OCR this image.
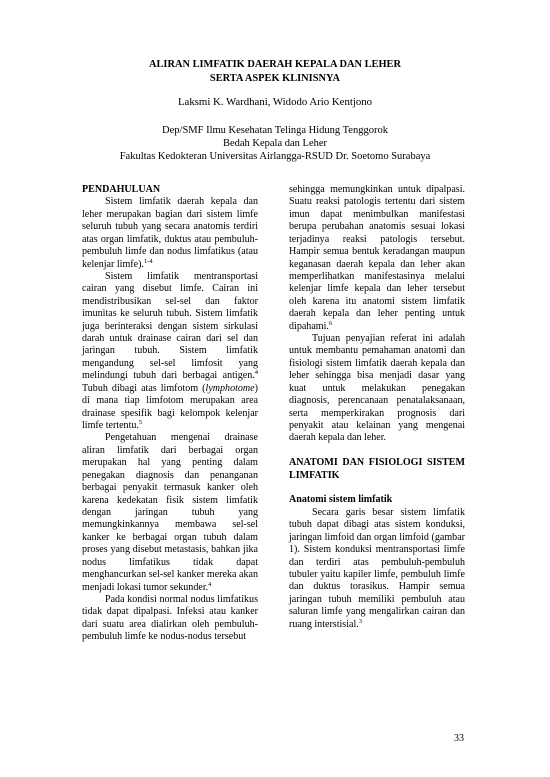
ALIRAN LIMFATIK DAERAH KEPALA DAN LEHER
SERTA ASPEK KLINISNYA
Laksmi K. Wardhani, Widodo Ario Kentjono
Dep/SMF Ilmu Kesehatan Telinga Hidung Tenggorok
Bedah Kepala dan Leher
Fakultas Kedokteran Universitas Airlangga-RSUD Dr. Soetomo Surabaya
PENDAHULUAN

Sistem limfatik daerah kepala dan leher merupakan bagian dari sistem limfe seluruh tubuh yang secara anatomis terdiri atas organ limfatik, duktus atau pembuluh-pembuluh limfe dan nodus limfatikus (atau kelenjar limfe).$^{1-4}$

Sistem limfatik mentransportasi cairan yang disebut limfe. Cairan ini mendistribusikan sel-sel dan faktor imunitas ke seluruh tubuh. Sistem limfatik juga berinteraksi dengan sistem sirkulasi darah untuk drainase cairan dari sel dan jaringan tubuh. Sistem limfatik mengandung sel-sel limfosit yang melindungi tubuh dari berbagai antigen.$^4$ Tubuh dibagi atas limfotom (lymphotome) di mana tiap limfotom merupakan area drainase spesifik bagi kelompok kelenjar limfe tertentu.$^5$

Pengetahuan mengenai drainase aliran limfatik dari berbagai organ merupakan hal yang penting dalam penegakan diagnosis dan penanganan berbagai penyakit termasuk kanker oleh karena kedekatan fisik sistem limfatik dengan jaringan tubuh yang memungkinkannya membawa sel-sel kanker ke berbagai organ tubuh dalam proses yang disebut metastasis, bahkan jika nodus limfatikus tidak dapat menghancurkan sel-sel kanker mereka akan menjadi lokasi tumor sekunder.$^4$

Pada kondisi normal nodus limfatikus tidak dapat dipalpasi. Infeksi atau kanker dari suatu area dialirkan oleh pembuluh-pembuluh limfe ke nodus-nodus tersebut

sehingga memungkinkan untuk dipalpasi. Suatu reaksi patologis tertentu dari sistem imun dapat menimbulkan manifestasi berupa perubahan anatomis sesuai lokasi terjadinya reaksi patologis tersebut. Hampir semua bentuk keradangan maupun keganasan daerah kepala dan leher akan memperlihatkan manifestasinya melalui kelenjar limfe kepala dan leher tersebut oleh karena itu anatomi sistem limfatik daerah kepala dan leher penting untuk dipahami.$^6$

Tujuan penyajian referat ini adalah untuk membantu pemahaman anatomi dan fisiologi sistem limfatik daerah kepala dan leher sehingga bisa menjadi dasar yang kuat untuk melakukan penegakan diagnosis, perencanaan penatalaksanaan, serta memperkirakan prognosis dari penyakit atau kelainan yang mengenai daerah kepala dan leher.

ANATOMI DAN FISIOLOGI SISTEM LIMFATIK
Anatomi sistem limfatik

Secara garis besar sistem limfatik tubuh dapat dibagi atas sistem konduksi, jaringan limfoid dan organ limfoid (gambar 1). Sistem konduksi mentransportasi limfe dan terdiri atas pembuluh-pembuluh tubuler yaitu kapiler limfe, pembuluh limfe dan duktus torasikus. Hampir semua jaringan tubuh memiliki pembuluh atau saluran limfe yang mengalirkan cairan dan ruang interstisial.$^3$

33
